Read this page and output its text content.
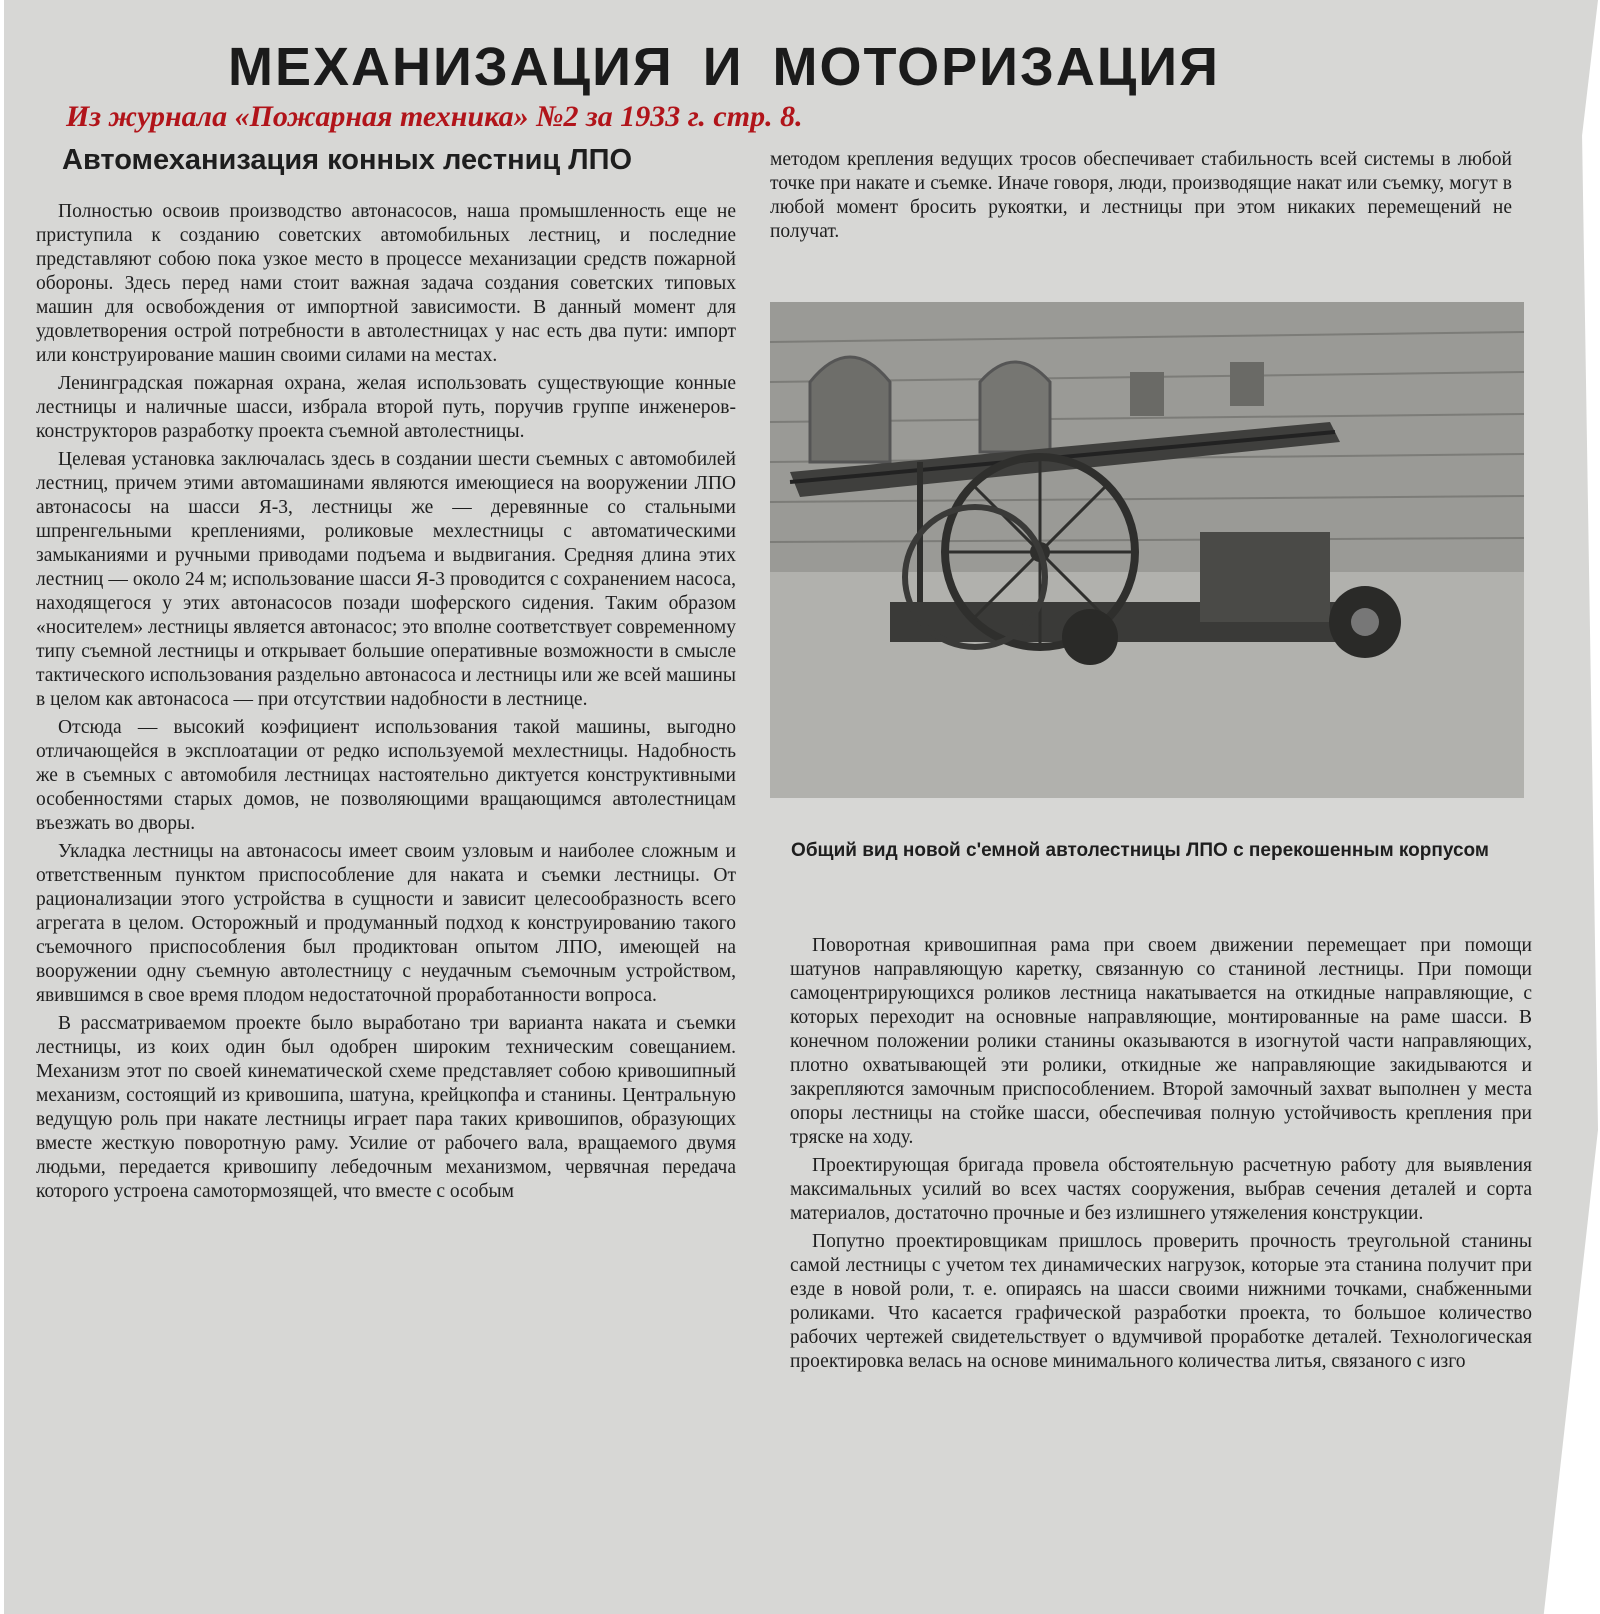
МЕХАНИЗАЦИЯ И МОТОРИЗАЦИЯ
Из журнала «Пожарная техника» №2 за 1933 г. стр. 8.
Автомеханизация конных лестниц ЛПО

Полностью освоив производство автонасосов, наша промышленность еще не приступила к созданию советских автомобильных лестниц, и последние представляют собою пока узкое место в процессе механизации средств пожарной обороны. Здесь перед нами стоит важная задача создания советских типовых машин для освобождения от импортной зависимости. В данный момент для удовлетворения острой потребности в автолестницах у нас есть два пути: импорт или конструирование машин своими силами на местах.

Ленинградская пожарная охрана, желая использовать существующие конные лестницы и наличные шасси, избрала второй путь, поручив группе инженеров-конструкторов разработку проекта съемной автолестницы.

Целевая установка заключалась здесь в создании шести съемных с автомобилей лестниц, причем этими автомашинами являются имеющиеся на вооружении ЛПО автонасосы на шасси Я-3, лестницы же — деревянные со стальными шпренгельными креплениями, роликовые мехлестницы с автоматическими замыканиями и ручными приводами подъема и выдвигания. Средняя длина этих лестниц — около 24 м; использование шасси Я-3 проводится с сохранением насоса, находящегося у этих автонасосов позади шоферского сидения. Таким образом «носителем» лестницы является автонасос; это вполне соответствует современному типу съемной лестницы и открывает большие оперативные возможности в смысле тактического использования раздельно автонасоса и лестницы или же всей машины в целом как автонасоса — при отсутствии надобности в лестнице.

Отсюда — высокий коэфициент использования такой машины, выгодно отличающейся в эксплоатации от редко используемой мехлестницы. Надобность же в съемных с автомобиля лестницах настоятельно диктуется конструктивными особенностями старых домов, не позволяющими вращающимся автолестницам въезжать во дворы.

Укладка лестницы на автонасосы имеет своим узловым и наиболее сложным и ответственным пунктом приспособление для наката и съемки лестницы. От рационализации этого устройства в сущности и зависит целесообразность всего агрегата в целом. Осторожный и продуманный подход к конструированию такого съемочного приспособления был продиктован опытом ЛПО, имеющей на вооружении одну съемную автолестницу с неудачным съемочным устройством, явившимся в свое время плодом недостаточной проработанности вопроса.

В рассматриваемом проекте было выработано три варианта наката и съемки лестницы, из коих один был одобрен широким техническим совещанием. Механизм этот по своей кинематической схеме представляет собою кривошипный механизм, состоящий из кривошипа, шатуна, крейцкопфа и станины. Центральную ведущую роль при накате лестницы играет пара таких кривошипов, образующих вместе жесткую поворотную раму. Усилие от рабочего вала, вращаемого двумя людьми, передается кривошипу лебедочным механизмом, червячная передача которого устроена самотормозящей, что вместе с особым

методом крепления ведущих тросов обеспечивает стабильность всей системы в любой точке при накате и съемке. Иначе говоря, люди, производящие накат или съемку, могут в любой момент бросить рукоятки, и лестницы при этом никаких перемещений не получат.

Общий вид новой с'емной автолестницы ЛПО с перекошенным корпусом

Поворотная кривошипная рама при своем движении перемещает при помощи шатунов направляющую каретку, связанную со станиной лестницы. При помощи самоцентрирующихся роликов лестница накатывается на откидные направляющие, с которых переходит на основные направляющие, монтированные на раме шасси. В конечном положении ролики станины оказываются в изогнутой части направляющих, плотно охватывающей эти ролики, откидные же направляющие закидываются и закрепляются замочным приспособлением. Второй замочный захват выполнен у места опоры лестницы на стойке шасси, обеспечивая полную устойчивость крепления при тряске на ходу.

Проектирующая бригада провела обстоятельную расчетную работу для выявления максимальных усилий во всех частях сооружения, выбрав сечения деталей и сорта материалов, достаточно прочные и без излишнего утяжеления конструкции.

Попутно проектировщикам пришлось проверить прочность треугольной станины самой лестницы с учетом тех динамических нагрузок, которые эта станина получит при езде в новой роли, т. е. опираясь на шасси своими нижними точками, снабженными роликами. Что касается графической разработки проекта, то большое количество рабочих чертежей свидетельствует о вдумчивой проработке деталей. Технологическая проектировка велась на основе минимального количества литья, связаного с изго
